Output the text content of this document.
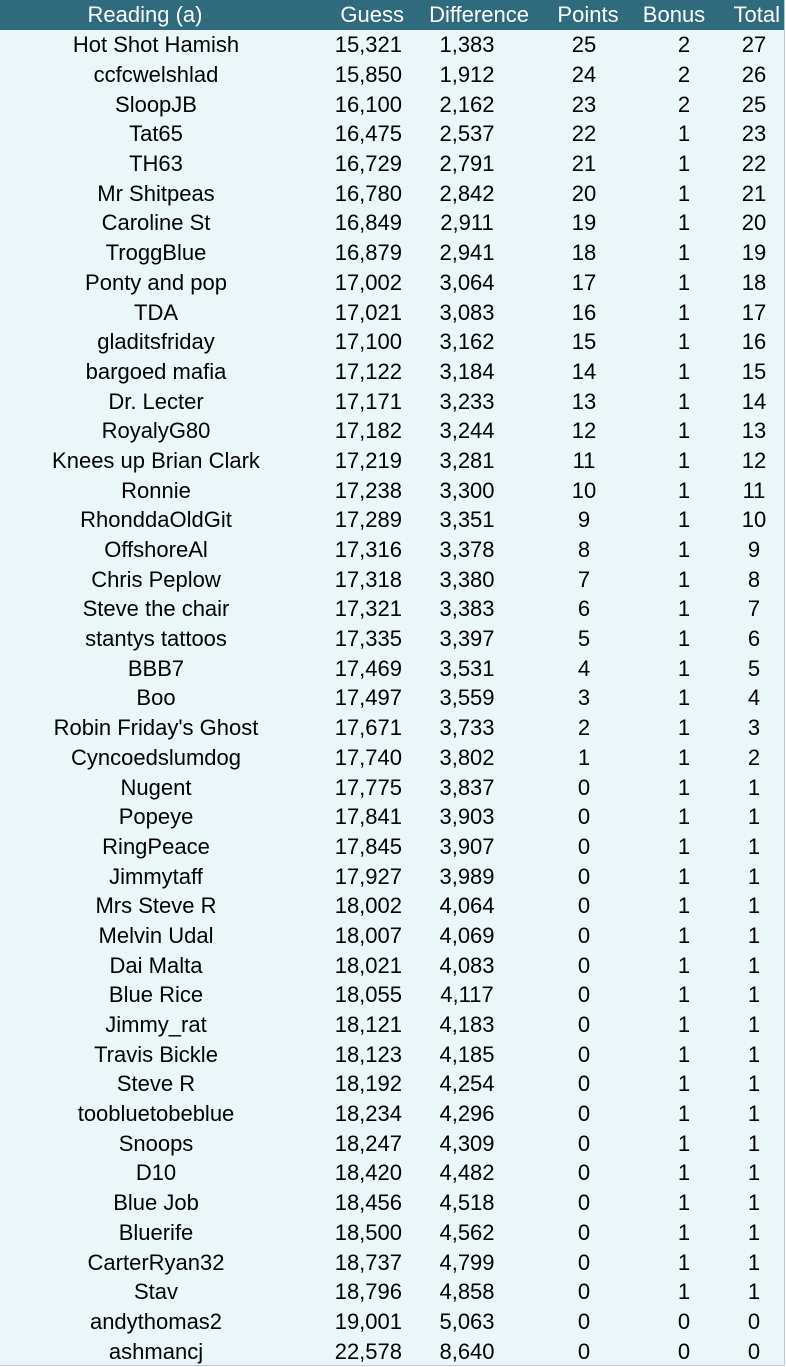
Reading (a)	Guess	Difference	Points	Bonus	Total
Hot Shot Hamish	15,321	1,383	25	2	27
ccfcwelshlad	15,850	1,912	24	2	26
SloopJB	16,100	2,162	23	2	25
Tat65	16,475	2,537	22	1	23
TH63	16,729	2,791	21	1	22
Mr Shitpeas	16,780	2,842	20	1	21
Caroline St	16,849	2,911	19	1	20
TroggBlue	16,879	2,941	18	1	19
Ponty and pop	17,002	3,064	17	1	18
TDA	17,021	3,083	16	1	17
gladitsfriday	17,100	3,162	15	1	16
bargoed mafia	17,122	3,184	14	1	15
Dr. Lecter	17,171	3,233	13	1	14
RoyalyG80	17,182	3,244	12	1	13
Knees up Brian Clark	17,219	3,281	11	1	12
Ronnie	17,238	3,300	10	1	11
RhonddaOldGit	17,289	3,351	9	1	10
OffshoreAl	17,316	3,378	8	1	9
Chris Peplow	17,318	3,380	7	1	8
Steve the chair	17,321	3,383	6	1	7
stantys tattoos	17,335	3,397	5	1	6
BBB7	17,469	3,531	4	1	5
Boo	17,497	3,559	3	1	4
Robin Friday's Ghost	17,671	3,733	2	1	3
Cyncoedslumdog	17,740	3,802	1	1	2
Nugent	17,775	3,837	0	1	1
Popeye	17,841	3,903	0	1	1
RingPeace	17,845	3,907	0	1	1
Jimmytaff	17,927	3,989	0	1	1
Mrs Steve R	18,002	4,064	0	1	1
Melvin Udal	18,007	4,069	0	1	1
Dai Malta	18,021	4,083	0	1	1
Blue Rice	18,055	4,117	0	1	1
Jimmy_rat	18,121	4,183	0	1	1
Travis Bickle	18,123	4,185	0	1	1
Steve R	18,192	4,254	0	1	1
toobluetobeblue	18,234	4,296	0	1	1
Snoops	18,247	4,309	0	1	1
D10	18,420	4,482	0	1	1
Blue Job	18,456	4,518	0	1	1
Bluerife	18,500	4,562	0	1	1
CarterRyan32	18,737	4,799	0	1	1
Stav	18,796	4,858	0	1	1
andythomas2	19,001	5,063	0	0	0
ashmancj	22,578	8,640	0	0	0
